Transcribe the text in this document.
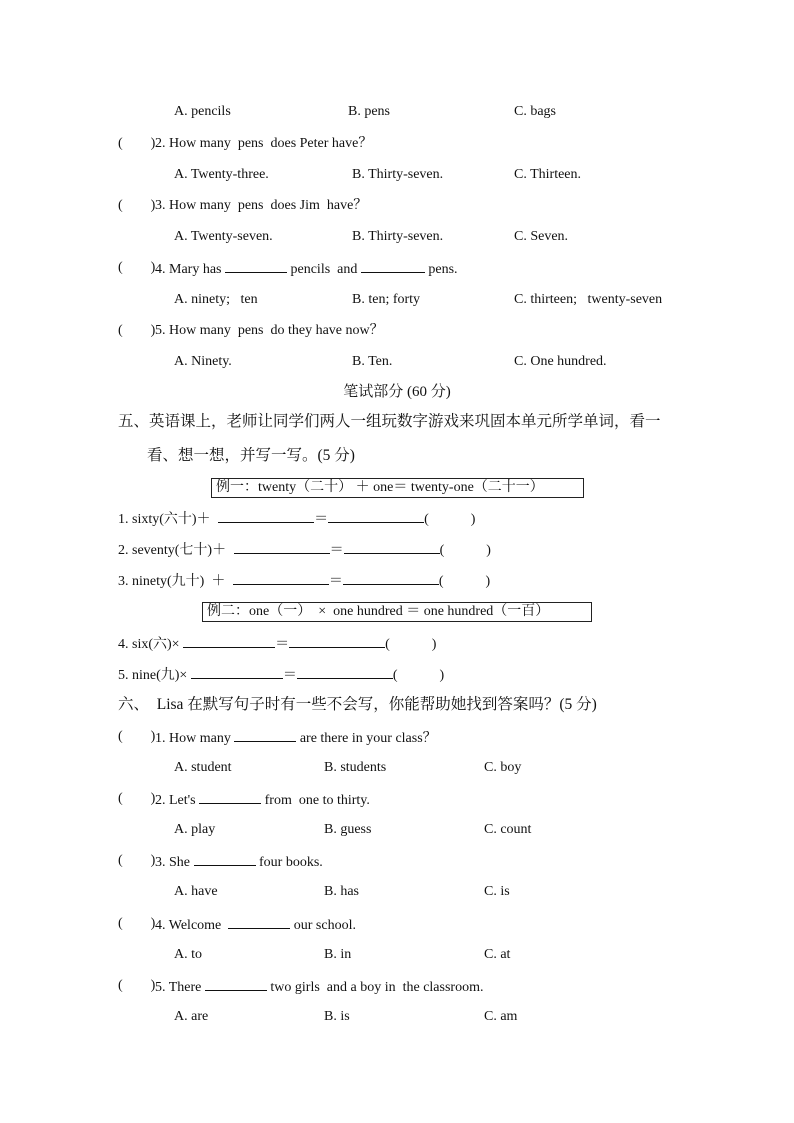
A. pencils	B. pens	C. bags
(        ) 2. How many  pens  does Peter have？
A. Twenty-three.	B. Thirty-seven.	C. Thirteen.
(        ) 3. How many  pens  does Jim  have？
A. Twenty-seven.	B. Thirty-seven.	C. Seven.
(        ) 4. Mary has	pencils  and	pens.
A. ninety;   ten	B. ten; forty	C. thirteen;   twenty-seven
(        ) 5. How many  pens  do they have now？
A. Ninety.	B. Ten.	C. One hundred.
笔试部分 (60 分)
五、英语课上，老师让同学们两人一组玩数字游戏来巩固本单元所学单词，看一
看、想一想，并写一写。(5 分)
例一：twenty（二十） ＋ one＝ twenty-one（二十一）
1. sixty(六十)＋	＝	(            )
2. seventy(七十)＋	＝	(            )
3. ninety(九十)  ＋	＝	(            )
例二：one（一）  ×  one hundred ＝ one hundred（一百）
4. six(六)×	＝	(            )
5. nine(九)×	＝	(            )
六、  Lisa 在默写句子时有一些不会写，你能帮助她找到答案吗？(5 分)
(        ) 1. How many	are there in your class？
A. student	B. students	C. boy
(        ) 2. Let's	from  one to thirty.
A. play	B. guess	C. count
(        ) 3. She	four books.
A. have	B. has	C. is
(        ) 4. Welcome	our school.
A. to	B. in	C. at
(        ) 5. There	two girls  and a boy in  the classroom.
A. are	B. is	C. am
